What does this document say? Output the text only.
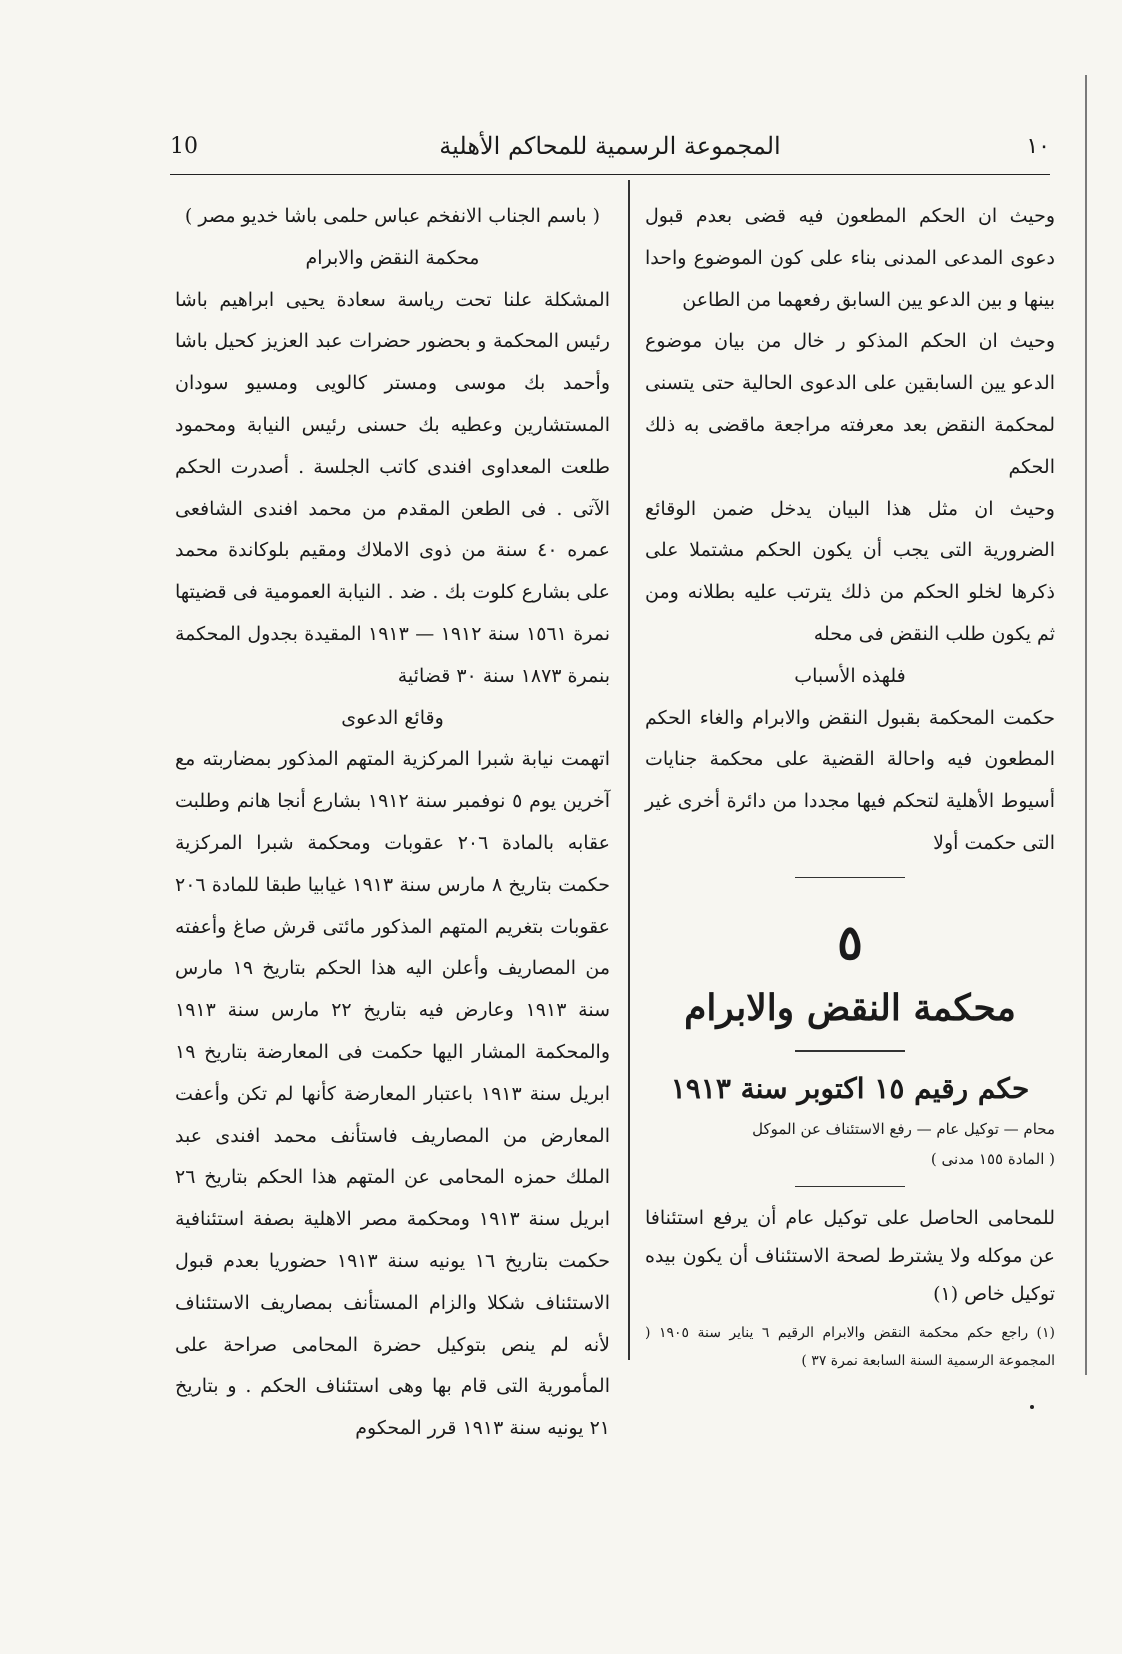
10	المجموعة الرسمية للمحاكم الأهلية	١٠

وحيث ان الحكم المطعون فيه قضى بعدم قبول دعوى المدعى المدنى بناء على كون الموضوع واحدا بينها و بين الدعو يين السابق رفعهما من الطاعن

وحيث ان الحكم المذكو ر خال من بيان موضوع الدعو يين السابقين على الدعوى الحالية حتى يتسنى لمحكمة النقض بعد معرفته مراجعة ماقضى به ذلك الحكم

وحيث ان مثل هذا البيان يدخل ضمن الوقائع الضرورية التى يجب أن يكون الحكم مشتملا على ذكرها لخلو الحكم من ذلك يترتب عليه بطلانه ومن ثم يكون طلب النقض فى محله

فلهذه الأسباب

حكمت المحكمة بقبول النقض والابرام والغاء الحكم المطعون فيه واحالة القضية على محكمة جنايات أسيوط الأهلية لتحكم فيها مجددا من دائرة أخرى غير التى حكمت أولا

٥
محكمة النقض والابرام
حكم رقيم ١٥ اكتوبر سنة ١٩١٣
محام — توكيل عام — رفع الاستئناف عن الموكل
( المادة ١٥٥ مدنى )
للمحامى الحاصل على توكيل عام أن يرفع استئنافا عن موكله ولا يشترط لصحة الاستئناف أن يكون بيده توكيل خاص (١)
(١) راجع حكم محكمة النقض والابرام الرقيم ٦ يناير سنة ١٩٠٥ ( المجموعة الرسمية السنة السابعة نمرة ٣٧ )

( باسم الجناب الانفخم عباس حلمى باشا خديو مصر )

محكمة النقض والابرام

المشكلة علنا تحت رياسة سعادة يحيى ابراهيم باشا رئيس المحكمة و بحضور حضرات عبد العزيز كحيل باشا وأحمد بك موسى ومستر كالويى ومسيو سودان المستشارين وعطيه بك حسنى رئيس النيابة ومحمود طلعت المعداوى افندى كاتب الجلسة . أصدرت الحكم الآتى . فى الطعن المقدم من محمد افندى الشافعى عمره ٤٠ سنة من ذوى الاملاك ومقيم بلوكاندة محمد على بشارع كلوت بك . ضد . النيابة العمومية فى قضيتها نمرة ١٥٦١ سنة ١٩١٢ — ١٩١٣ المقيدة بجدول المحكمة بنمرة ١٨٧٣ سنة ٣٠ قضائية

وقائع الدعوى

اتهمت نيابة شبرا المركزية المتهم المذكور بمضاربته مع آخرين يوم ٥ نوفمبر سنة ١٩١٢ بشارع أنجا هانم وطلبت عقابه بالمادة ٢٠٦ عقوبات ومحكمة شبرا المركزية حكمت بتاريخ ٨ مارس سنة ١٩١٣ غيابيا طبقا للمادة ٢٠٦ عقوبات بتغريم المتهم المذكور مائتى قرش صاغ وأعفته من المصاريف وأعلن اليه هذا الحكم بتاريخ ١٩ مارس سنة ١٩١٣ وعارض فيه بتاريخ ٢٢ مارس سنة ١٩١٣ والمحكمة المشار اليها حكمت فى المعارضة بتاريخ ١٩ ابريل سنة ١٩١٣ باعتبار المعارضة كأنها لم تكن وأعفت المعارض من المصاريف فاستأنف محمد افندى عبد الملك حمزه المحامى عن المتهم هذا الحكم بتاريخ ٢٦ ابريل سنة ١٩١٣ ومحكمة مصر الاهلية بصفة استئنافية حكمت بتاريخ ١٦ يونيه سنة ١٩١٣ حضوريا بعدم قبول الاستئناف شكلا والزام المستأنف بمصاريف الاستئناف لأنه لم ينص بتوكيل حضرة المحامى صراحة على المأمورية التى قام بها وهى استئناف الحكم . و بتاريخ ٢١ يونيه سنة ١٩١٣ قرر المحكوم
